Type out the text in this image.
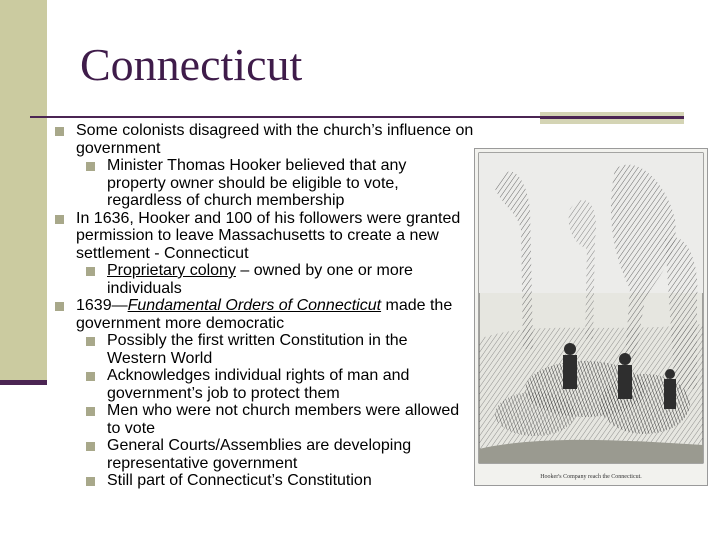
Connecticut
Some colonists disagreed with the church’s influence on government
Minister Thomas Hooker believed that any property owner should be eligible to vote, regardless of church membership
In 1636, Hooker and 100 of his followers were granted permission to leave Massachusetts to create a new settlement - Connecticut
Proprietary colony – owned by one or more individuals
1639—Fundamental Orders of Connecticut made the government more democratic
Possibly the first written Constitution in the Western World
Acknowledges individual rights of man and government’s job to protect them
Men who were not church members were allowed to vote
General Courts/Assemblies are developing representative government
Still part of Connecticut’s Constitution	Hooker's Company reach the Connecticut.
